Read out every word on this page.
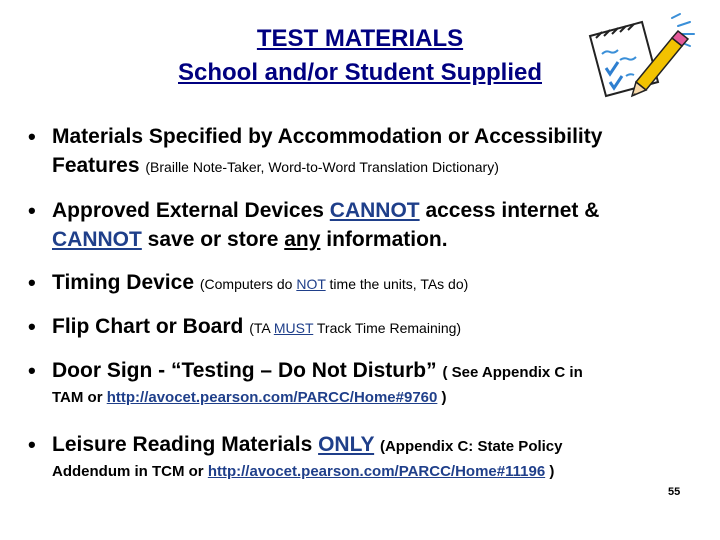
TEST MATERIALS
School and/or Student Supplied
• Materials Specified by Accommodation or Accessibility
Features (Braille Note-Taker, Word-to-Word Translation Dictionary)
• Approved External Devices CANNOT access internet &
CANNOT save or store any information.
• Timing Device (Computers do NOT time the units, TAs do)
• Flip Chart or Board (TA MUST Track Time Remaining)
• Door Sign - “Testing – Do Not Disturb” ( See Appendix C in
TAM or http://avocet.pearson.com/PARCC/Home#9760 )
• Leisure Reading Materials ONLY (Appendix C: State Policy
Addendum in TCM or http://avocet.pearson.com/PARCC/Home#11196 )
55
